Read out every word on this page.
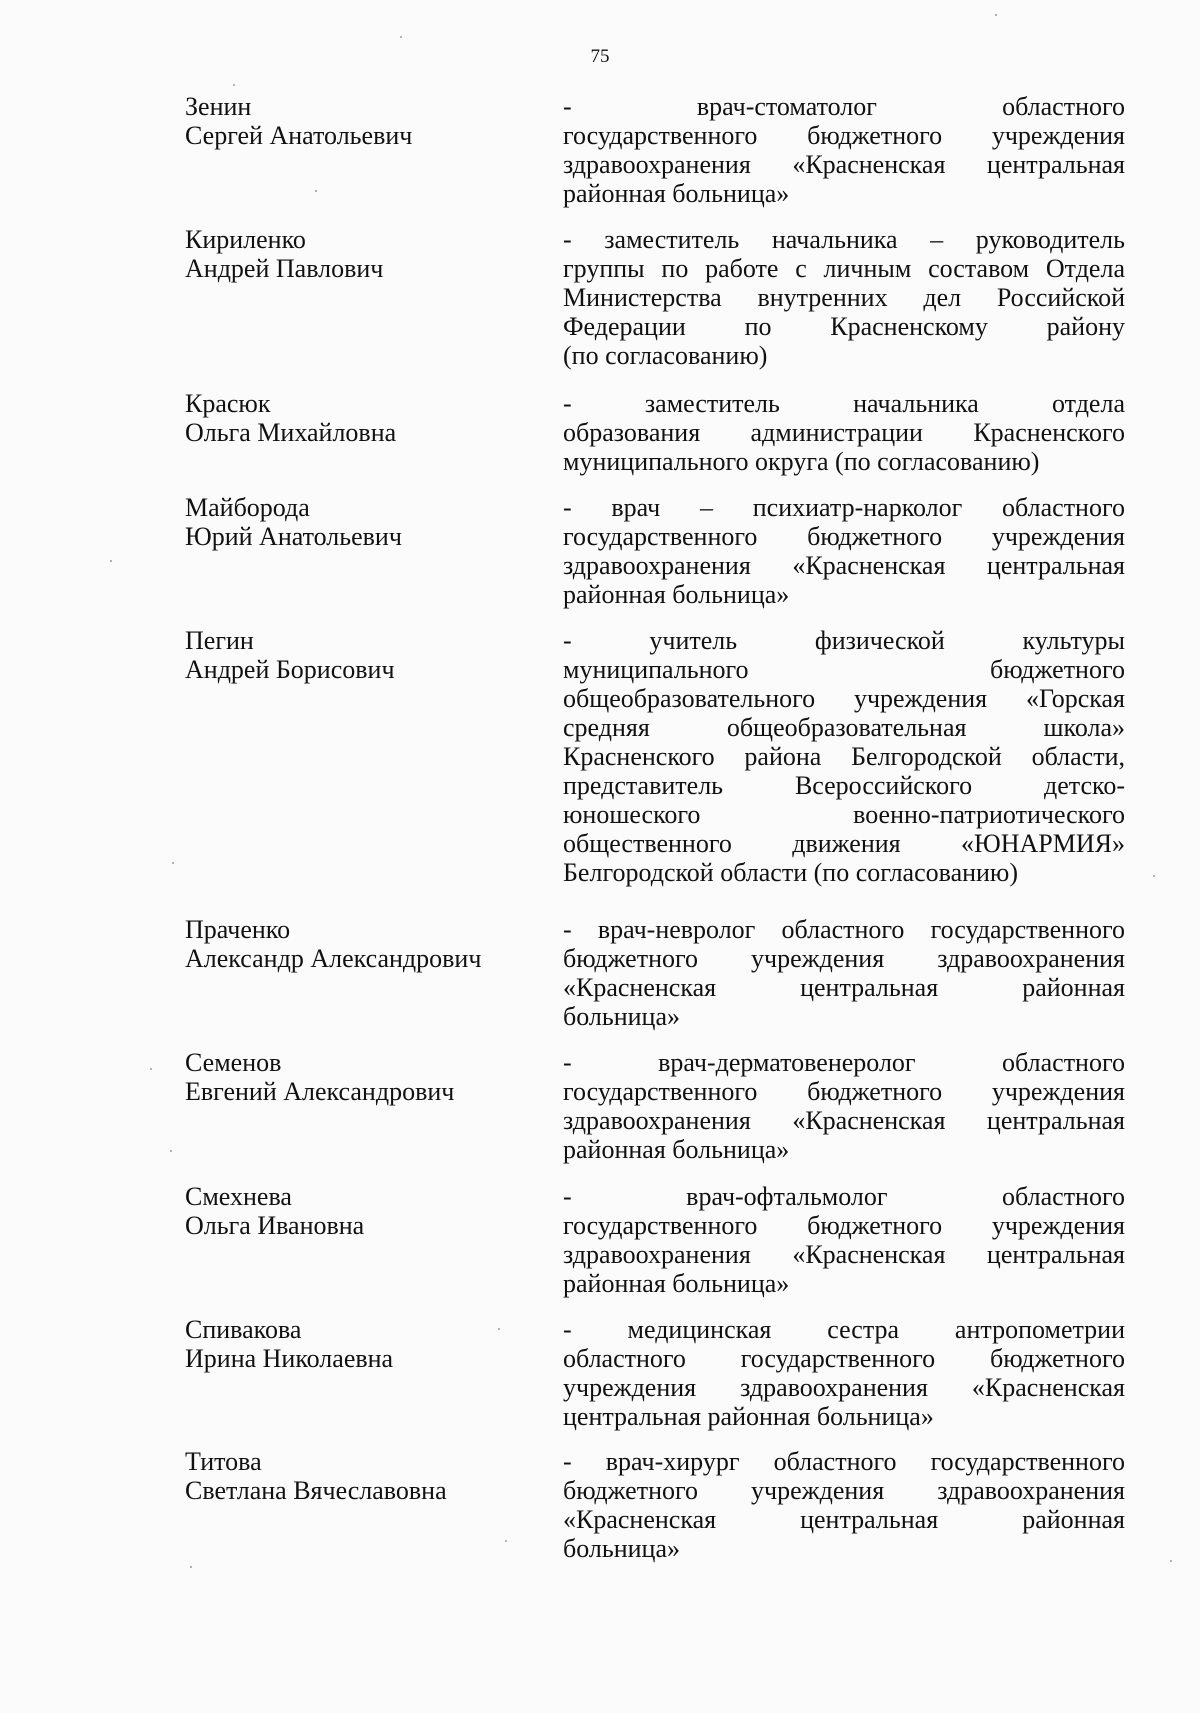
75
Зенин
Сергей Анатольевич
- врач-стоматолог областного
государственного бюджетного учреждения
здравоохранения «Красненская центральная
районная больница»
Кириленко
Андрей Павлович
- заместитель начальника – руководитель
группы по работе с личным составом Отдела
Министерства внутренних дел Российской
Федерации по Красненскому району
(по согласованию)
Красюк
Ольга Михайловна
- заместитель начальника отдела
образования администрации Красненского
муниципального округа (по согласованию)
Майборода
Юрий Анатольевич
- врач – психиатр-нарколог областного
государственного бюджетного учреждения
здравоохранения «Красненская центральная
районная больница»
Пегин
Андрей Борисович
- учитель физической культуры
муниципального бюджетного
общеобразовательного учреждения «Горская
средняя общеобразовательная школа»
Красненского района Белгородской области,
представитель Всероссийского детско-
юношеского военно-патриотического
общественного движения «ЮНАРМИЯ»
Белгородской области (по согласованию)
Праченко
Александр Александрович
- врач-невролог областного государственного
бюджетного учреждения здравоохранения
«Красненская центральная районная
больница»
Семенов
Евгений Александрович
- врач-дерматовенеролог областного
государственного бюджетного учреждения
здравоохранения «Красненская центральная
районная больница»
Смехнева
Ольга Ивановна
- врач-офтальмолог областного
государственного бюджетного учреждения
здравоохранения «Красненская центральная
районная больница»
Спивакова
Ирина Николаевна
- медицинская сестра антропометрии
областного государственного бюджетного
учреждения здравоохранения «Красненская
центральная районная больница»
Титова
Светлана Вячеславовна
- врач-хирург областного государственного
бюджетного учреждения здравоохранения
«Красненская центральная районная
больница»
